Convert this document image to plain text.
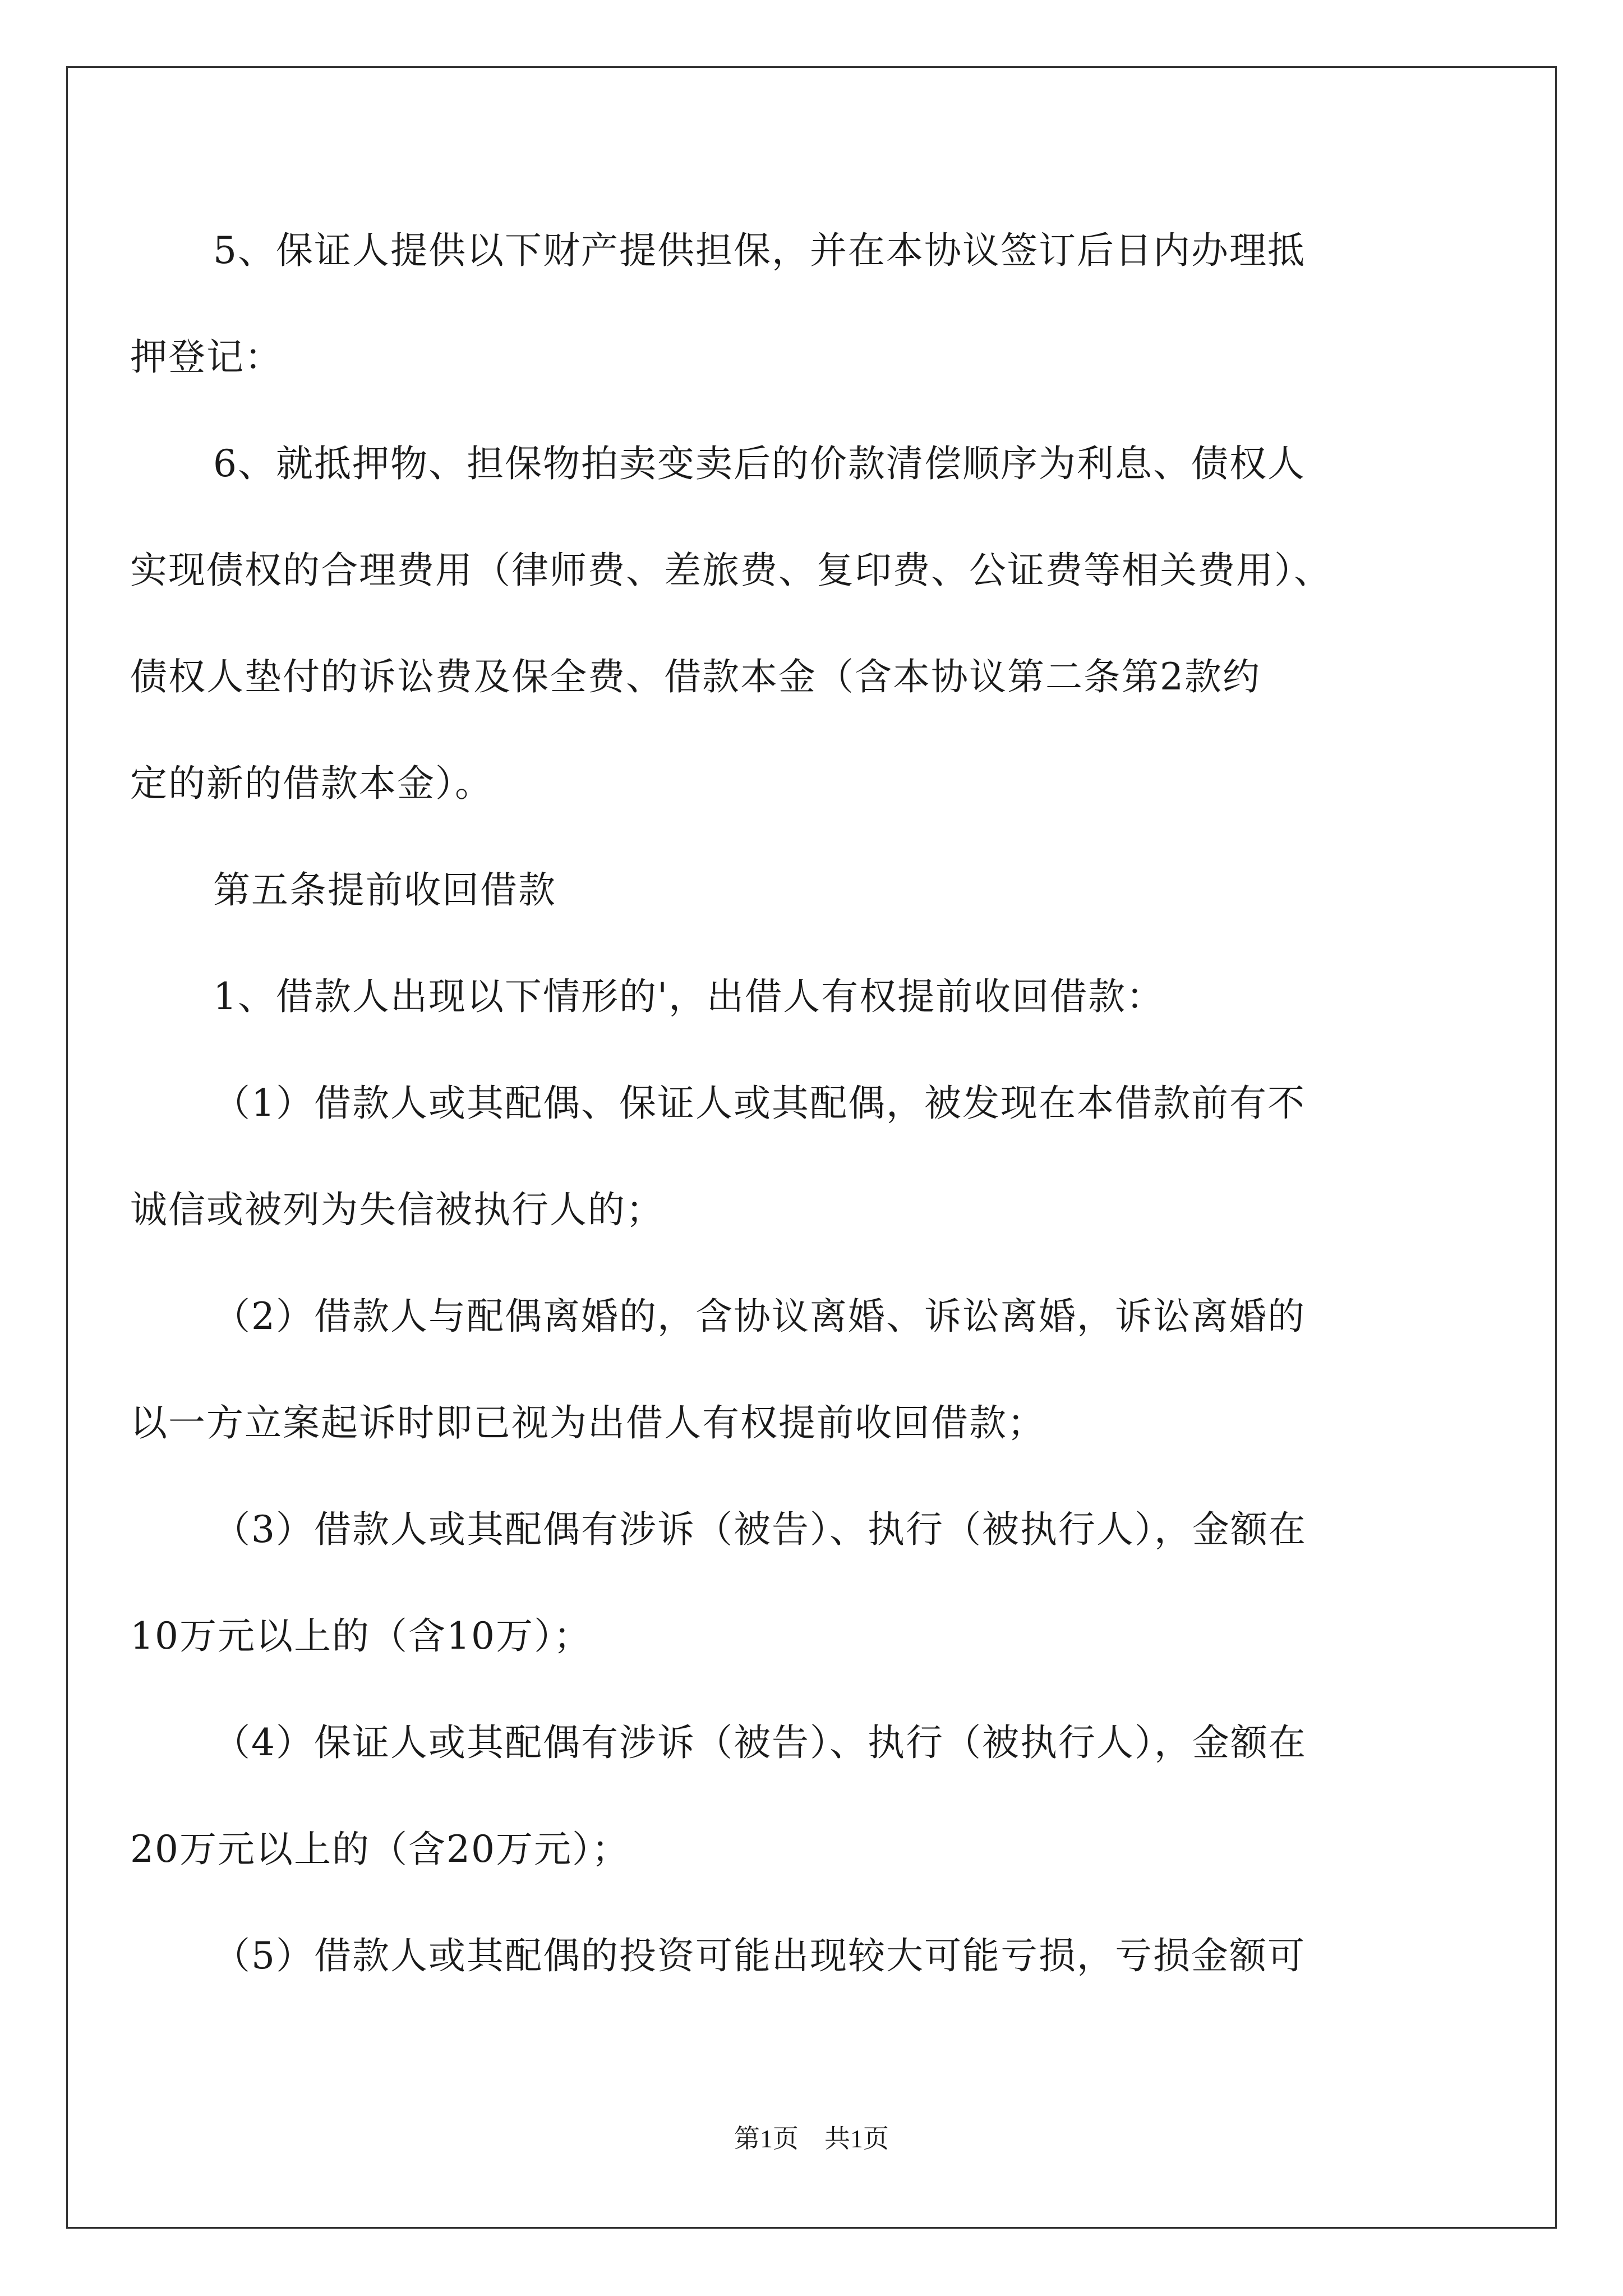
5、保证人提供以下财产提供担保，并在本协议签订后日内办理抵
押登记：
6、就抵押物、担保物拍卖变卖后的价款清偿顺序为利息、债权人
实现债权的合理费用（律师费、差旅费、复印费、公证费等相关费用）、
债权人垫付的诉讼费及保全费、借款本金（含本协议第二条第2款约
定的新的借款本金）。
第五条提前收回借款
1、借款人出现以下情形的'，出借人有权提前收回借款：
（1）借款人或其配偶、保证人或其配偶，被发现在本借款前有不
诚信或被列为失信被执行人的；
（2）借款人与配偶离婚的，含协议离婚、诉讼离婚，诉讼离婚的
以一方立案起诉时即已视为出借人有权提前收回借款；
（3）借款人或其配偶有涉诉（被告）、执行（被执行人），金额在
10万元以上的（含10万）；
（4）保证人或其配偶有涉诉（被告）、执行（被执行人），金额在
20万元以上的（含20万元）；
（5）借款人或其配偶的投资可能出现较大可能亏损，亏损金额可
第1页 共1页
